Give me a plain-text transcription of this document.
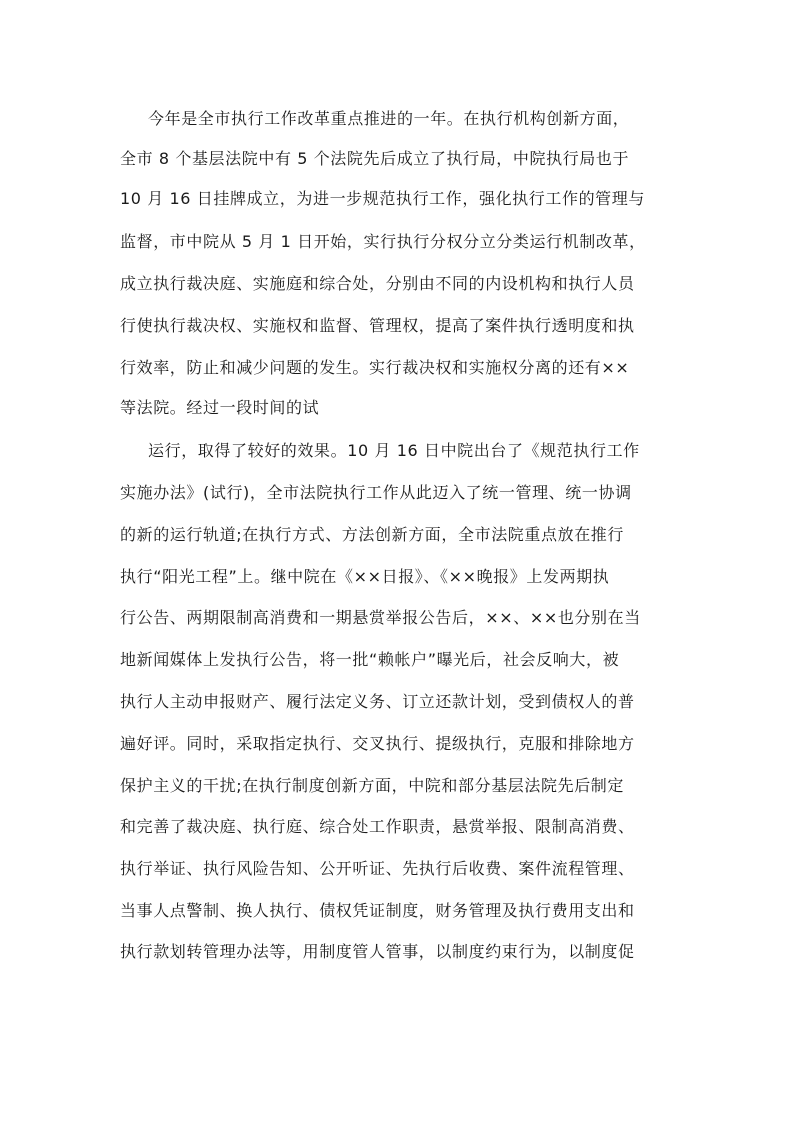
今年是全市执行工作改革重点推进的一年。在执行机构创新方面，
全市 8 个基层法院中有 5 个法院先后成立了执行局，中院执行局也于
10 月 16 日挂牌成立，为进一步规范执行工作，强化执行工作的管理与
监督，市中院从 5 月 1 日开始，实行执行分权分立分类运行机制改革，
成立执行裁决庭、实施庭和综合处，分别由不同的内设机构和执行人员
行使执行裁决权、实施权和监督、管理权，提高了案件执行透明度和执
行效率，防止和减少问题的发生。实行裁决权和实施权分离的还有××
等法院。经过一段时间的试
运行，取得了较好的效果。10 月 16 日中院出台了《规范执行工作
实施办法》(试行)，全市法院执行工作从此迈入了统一管理、统一协调
的新的运行轨道;在执行方式、方法创新方面，全市法院重点放在推行
执行“阳光工程”上。继中院在《××日报》、《××晚报》上发两期执
行公告、两期限制高消费和一期悬赏举报公告后，××、××也分别在当
地新闻媒体上发执行公告，将一批“赖帐户”曝光后，社会反响大，被
执行人主动申报财产、履行法定义务、订立还款计划，受到债权人的普
遍好评。同时，采取指定执行、交叉执行、提级执行，克服和排除地方
保护主义的干扰;在执行制度创新方面，中院和部分基层法院先后制定
和完善了裁决庭、执行庭、综合处工作职责，悬赏举报、限制高消费、
执行举证、执行风险告知、公开听证、先执行后收费、案件流程管理、
当事人点警制、换人执行、债权凭证制度，财务管理及执行费用支出和
执行款划转管理办法等，用制度管人管事，以制度约束行为，以制度促
